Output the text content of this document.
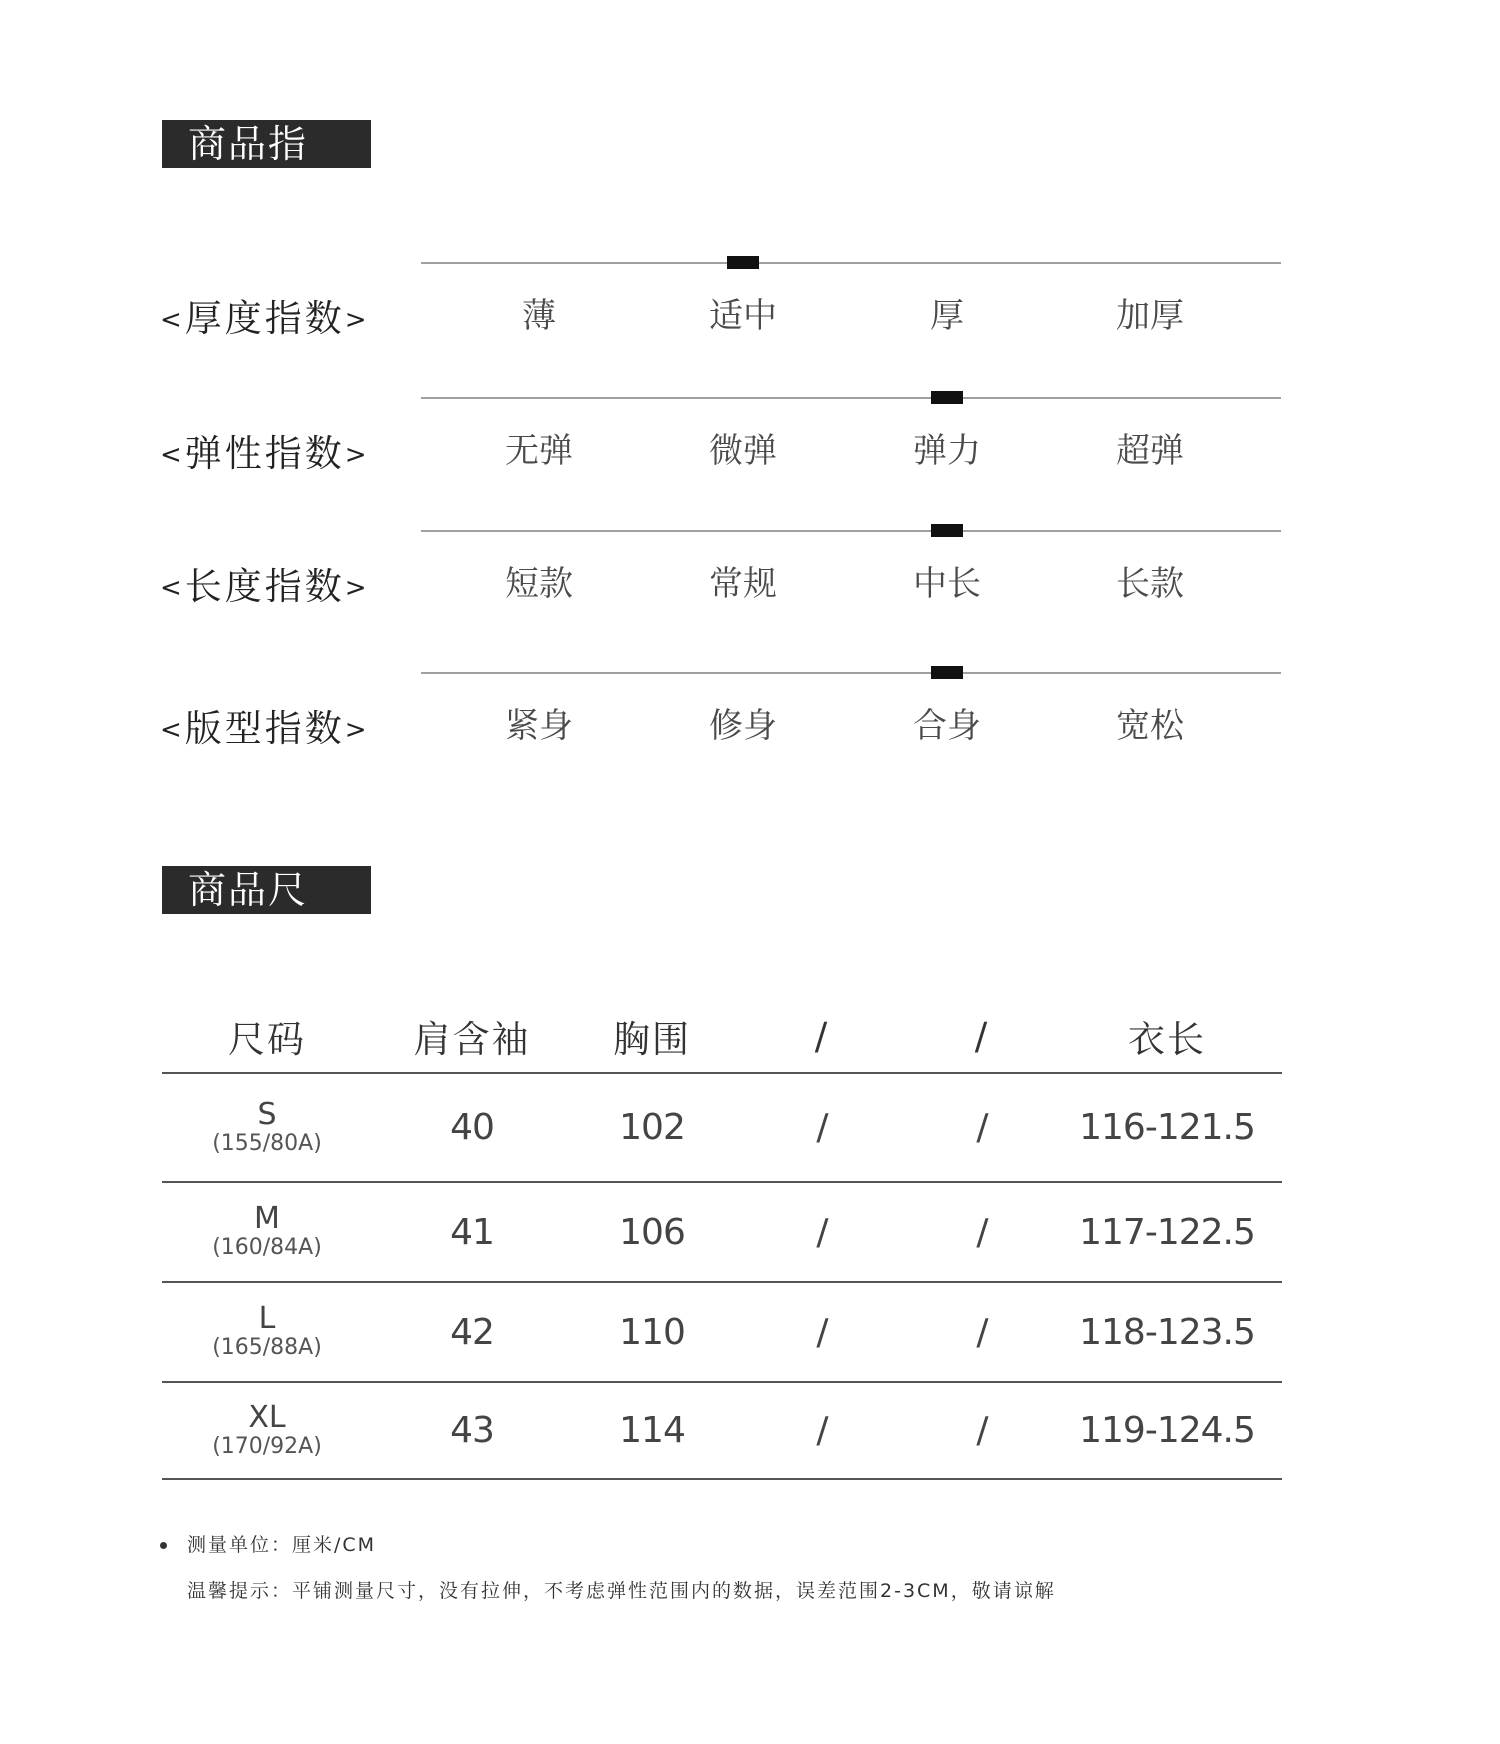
商品指数
<厚度指数>	薄	适中	厚	加厚
<弹性指数>	无弹	微弹	弹力	超弹
<长度指数>	短款	常规	中长	长款
<版型指数>	紧身	修身	合身	宽松
商品尺寸
尺码	肩含袖 胸围	/	/	衣长
S
(155/80A)	40	102	/	/	116-121.5
M
(160/84A)	41	106	/	/	117-122.5
L
(165/88A)	42	110	/	/	118-123.5
XL
(170/92A)	43	114	/	/	119-124.5
测量单位：厘米/CM
温馨提示：平铺测量尺寸，没有拉伸，不考虑弹性范围内的数据，误差范围2-3CM，敬请谅解
